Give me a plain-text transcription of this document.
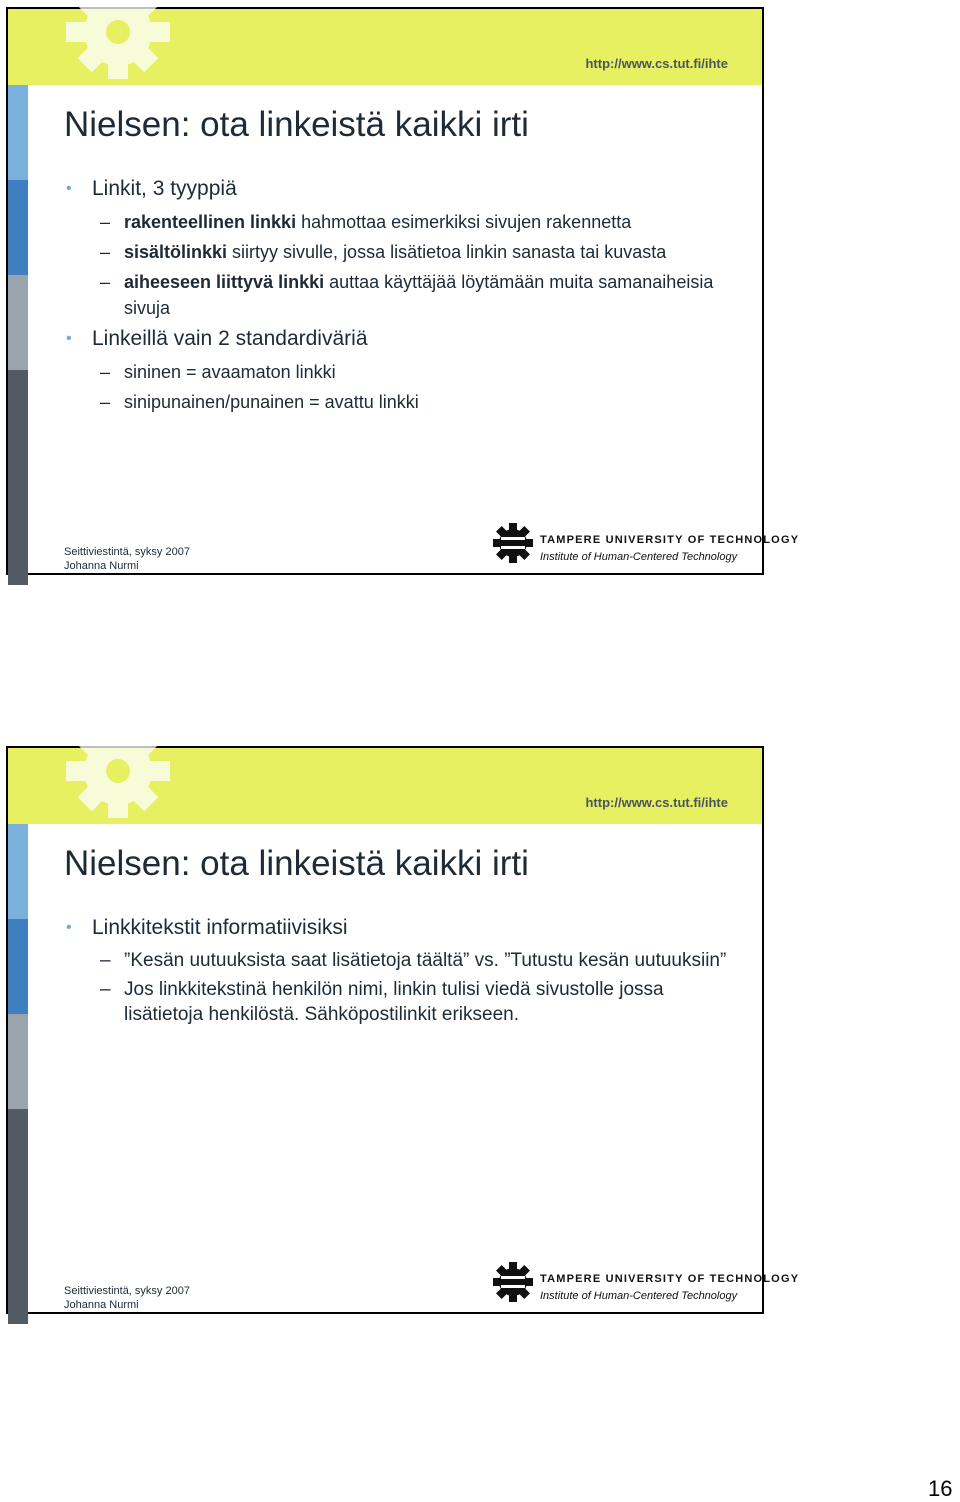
http://www.cs.tut.fi/ihte
Nielsen: ota linkeistä kaikki irti
• Linkit, 3 tyyppiä
– rakenteellinen linkki hahmottaa esimerkiksi sivujen rakennetta
– sisältölinkki siirtyy sivulle, jossa lisätietoa linkin sanasta tai kuvasta
– aiheeseen liittyvä linkki auttaa käyttäjää löytämään muita samanaiheisia sivuja
• Linkeillä vain 2 standardiväriä
– sininen = avaamaton linkki
– sinipunainen/punainen = avattu linkki
Seittiviestintä, syksy 2007
Johanna Nurmi
TAMPERE UNIVERSITY OF TECHNOLOGY
Institute of Human-Centered Technology
http://www.cs.tut.fi/ihte
Nielsen: ota linkeistä kaikki irti
• Linkkitekstit informatiivisiksi
– ”Kesän uutuuksista saat lisätietoja täältä” vs. ”Tutustu kesän uutuuksiin”
– Jos linkkitekstinä henkilön nimi, linkin tulisi viedä sivustolle jossa lisätietoja henkilöstä. Sähköpostilinkit erikseen.
Seittiviestintä, syksy 2007
Johanna Nurmi
TAMPERE UNIVERSITY OF TECHNOLOGY
Institute of Human-Centered Technology
16
